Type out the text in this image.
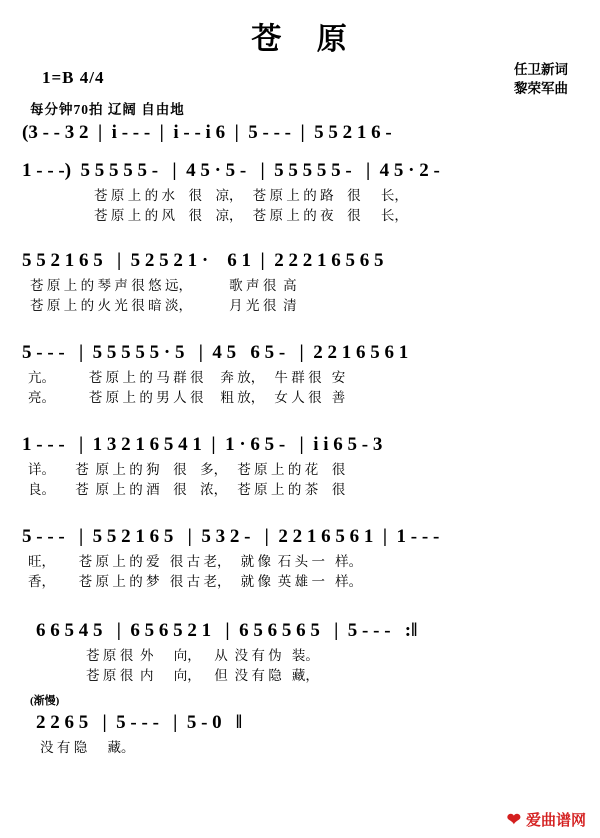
苍 原
1=B 4/4	任卫新词
黎荣军曲
每分钟70拍 辽阔 自由地
(3 - - 3 2  |  i - - -  |  i - - i 6  |  5 - - -  |  5 5 2 1 6 -
1 - - -)  5 5 5 5 5 -   |  4 5 · 5 -   |  5 5 5 5 5 -   |  4 5 · 2 -
苍 原 上 的 水    很    凉，   苍 原 上 的 路    很      长，
苍 原 上 的 风    很    凉，   苍 原 上 的 夜    很      长，
5 5 2 1 6 5   |  5 2 5 2 1 ·    6 1  |  2 2 2 1 6 5 6 5
苍 原 上 的 琴 声 很 悠 远，           歌 声 很  高
苍 原 上 的 火 光 很 暗 淡，           月 光 很  清
5 - - -   |  5 5 5 5 5 · 5   |  4 5   6 5 -   |  2 2 1 6 5 6 1
亢。          苍 原 上 的 马 群 很     奔 放，   牛 群 很   安
亮。          苍 原 上 的 男 人 很     粗 放，   女 人 很   善
1 - - -   |  1 3 2 1 6 5 4 1  |  1 · 6 5 -   |  i i 6 5 - 3
详。      苍  原 上 的 狗    很    多，   苍 原 上 的 花    很
良。      苍  原 上 的 酒    很    浓，   苍 原 上 的 茶    很
5 - - -   |  5 5 2 1 6 5   |  5 3 2 -   |  2 2 1 6 5 6 1  |  1 - - -
旺，       苍 原 上 的 爱   很 古 老，   就 像  石 头 一   样。
香，       苍 原 上 的 梦   很 古 老，   就 像  英 雄 一   样。
6 6 5 4 5   |  6 5 6 5 2 1   |  6 5 6 5 6 5   |  5 - - -   :‖
苍 原 很  外      向，    从  没 有 伪   装。
苍 原 很  内      向，    但  没 有 隐   藏，
(渐慢)
2 2 6 5   |  5 - - -   |  5 - 0   ‖
没 有 隐      藏。
❤ 爱曲谱网
